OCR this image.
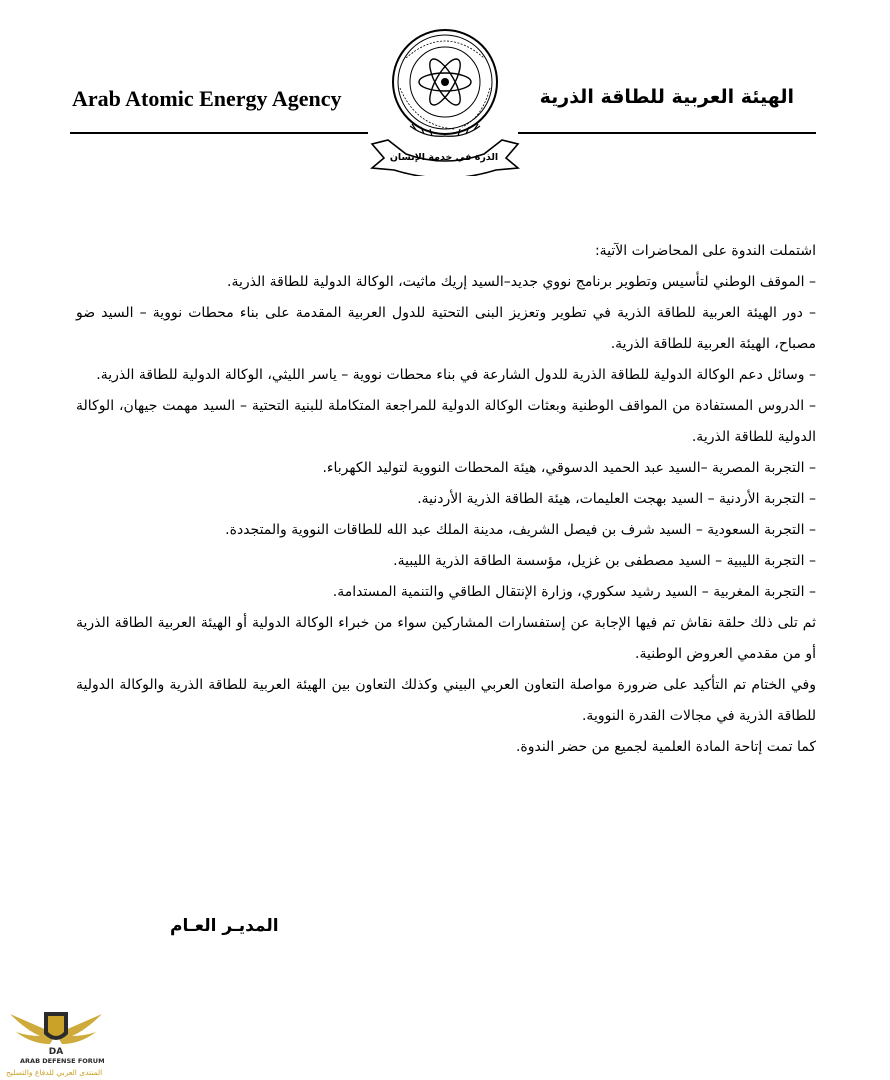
Arab Atomic Energy Agency	الهيئة العربية للطاقة الذرية
الذرة في خدمة الإنسان

اشتملت الندوة على المحاضرات الآتية:

– الموقف الوطني لتأسيس وتطوير برنامج نووي جديد–السيد إريك ماثيت، الوكالة الدولية للطاقة الذرية.

– دور الهيئة العربية للطاقة الذرية في تطوير وتعزيز البنى التحتية للدول العربية المقدمة على بناء محطات نووية – السيد ضو مصباح، الهيئة العربية للطاقة الذرية.

– وسائل دعم الوكالة الدولية للطاقة الذرية للدول الشارعة في بناء محطات نووية – ياسر الليثي، الوكالة الدولية للطاقة الذرية.

– الدروس المستفادة من المواقف الوطنية وبعثات الوكالة الدولية للمراجعة المتكاملة للبنية التحتية – السيد مهمت جيهان، الوكالة الدولية للطاقة الذرية.

– التجربة المصرية –السيد عبد الحميد الدسوقي، هيئة المحطات النووية لتوليد الكهرباء.

– التجربة الأردنية – السيد بهجت العليمات، هيئة الطاقة الذرية الأردنية.

– التجربة السعودية – السيد شرف بن فيصل الشريف، مدينة الملك عبد الله للطاقات النووية والمتجددة.

– التجربة الليبية – السيد مصطفى بن غزيل، مؤسسة الطاقة الذرية الليبية.

– التجربة المغربية – السيد رشيد سكوري، وزارة الإنتقال الطاقي والتنمية المستدامة.

ثم تلى ذلك حلقة نقاش تم فيها الإجابة عن إستفسارات المشاركين سواء من خبراء الوكالة الدولية أو الهيئة العربية الطاقة الذرية أو من مقدمي العروض الوطنية.

وفي الختام تم التأكيد على ضرورة مواصلة التعاون العربي البيني وكذلك التعاون بين الهيئة العربية للطاقة الذرية والوكالة الدولية للطاقة الذرية في مجالات القدرة النووية.

كما تمت إتاحة المادة العلمية لجميع من حضر الندوة.

المديـر العـام
DA
ARAB DEFENSE FORUM
المنتدى العربي للدفاع والتسليح
